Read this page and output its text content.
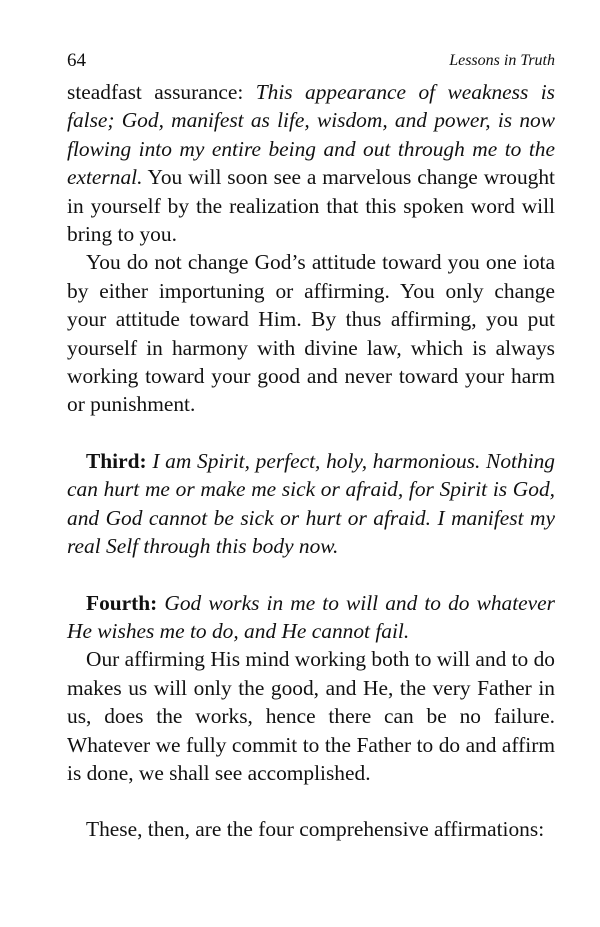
64	Lessons in Truth

steadfast assurance: This appearance of weakness is false; God, manifest as life, wisdom, and power, is now flowing into my entire being and out through me to the external. You will soon see a marvelous change wrought in yourself by the realization that this spoken word will bring to you.

You do not change God’s attitude toward you one iota by either importuning or affirming. You only change your attitude toward Him. By thus affirming, you put yourself in harmony with divine law, which is always working toward your good and never toward your harm or punishment.

Third: I am Spirit, perfect, holy, harmonious. Nothing can hurt me or make me sick or afraid, for Spirit is God, and God cannot be sick or hurt or afraid. I manifest my real Self through this body now.

Fourth: God works in me to will and to do whatever He wishes me to do, and He cannot fail.

Our affirming His mind working both to will and to do makes us will only the good, and He, the very Father in us, does the works, hence there can be no failure. Whatever we fully commit to the Father to do and affirm is done, we shall see accomplished.

These, then, are the four comprehensive affirmations:
